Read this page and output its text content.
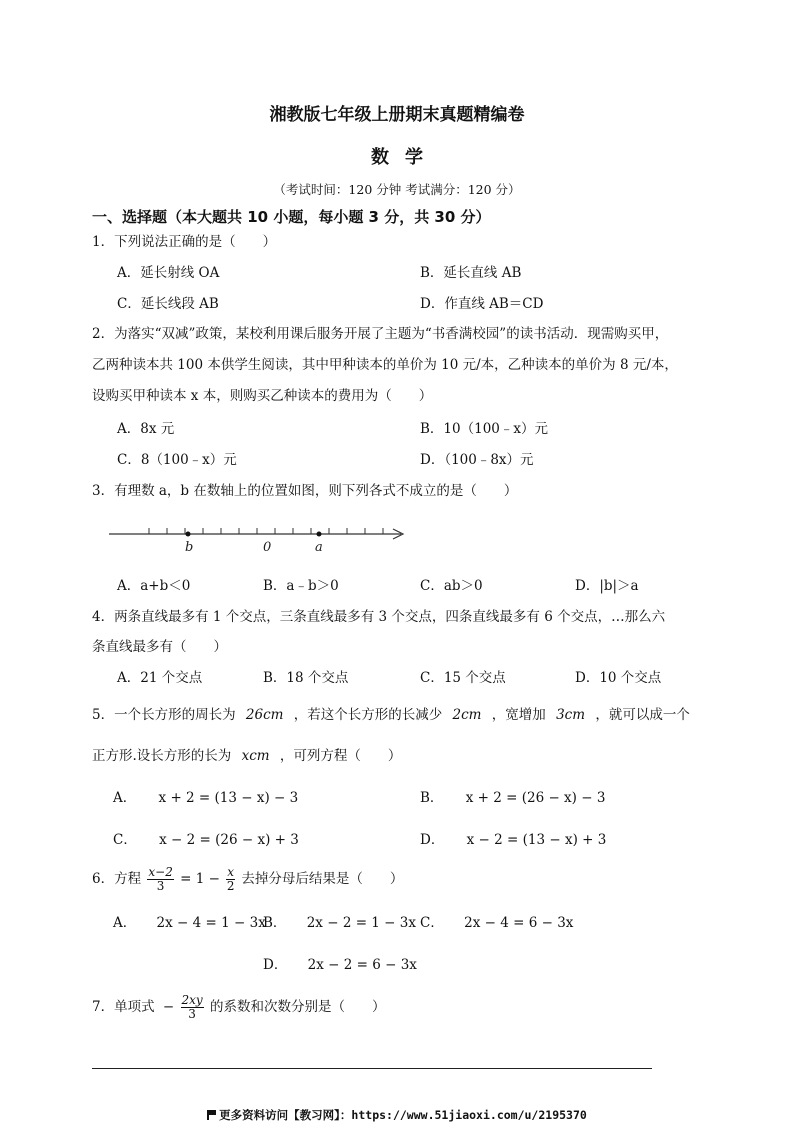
湘教版七年级上册期末真题精编卷
数学
（考试时间：120 分钟 考试满分：120 分）
一、选择题（本大题共 10 小题，每小题 3 分，共 30 分）
1．下列说法正确的是（　　）
A．延长射线 OA	B．延长直线 AB
C．延长线段 AB	D．作直线 AB＝CD
2．为落实“双减”政策，某校利用课后服务开展了主题为“书香满校园”的读书活动．现需购买甲，
乙两种读本共 100 本供学生阅读，其中甲种读本的单价为 10 元/本，乙种读本的单价为 8 元/本，
设购买甲种读本 x 本，则购买乙种读本的费用为（　　）
A．8x 元	B．10（100﹣x）元
C．8（100﹣x）元	D．（100﹣8x）元
3．有理数 a，b 在数轴上的位置如图，则下列各式不成立的是（　　）
b	0	a
A．a+b＜0	B．a﹣b＞0	C．ab＞0	D．|b|＞a
4．两条直线最多有 1 个交点，三条直线最多有 3 个交点，四条直线最多有 6 个交点，…那么六
条直线最多有（　　）
A．21 个交点	B．18 个交点	C．15 个交点	D．10 个交点
5．一个长方形的周长为 26cm ，若这个长方形的长减少 2cm ，宽增加 3cm ，就可以成一个
正方形.设长方形的长为 xcm ，可列方程（　　）
A． x + 2 = (13 − x) − 3	B． x + 2 = (26 − x) − 3
C． x − 2 = (26 − x) + 3	D． x − 2 = (13 − x) + 3
6．方程 $\frac{x-2}{3} = 1 - \frac{x}{2}$ 去掉分母后结果是（　　）
A． 2x − 4 = 1 − 3x
B． 2x − 2 = 1 − 3x C． 2x − 4 = 6 − 3x
D． 2x − 2 = 6 − 3x
7．单项式 − $\frac{2xy}{3}$ 的系数和次数分别是（　　）
更多资料访问【教习网】：https://www.51jiaoxi.com/u/2195370
